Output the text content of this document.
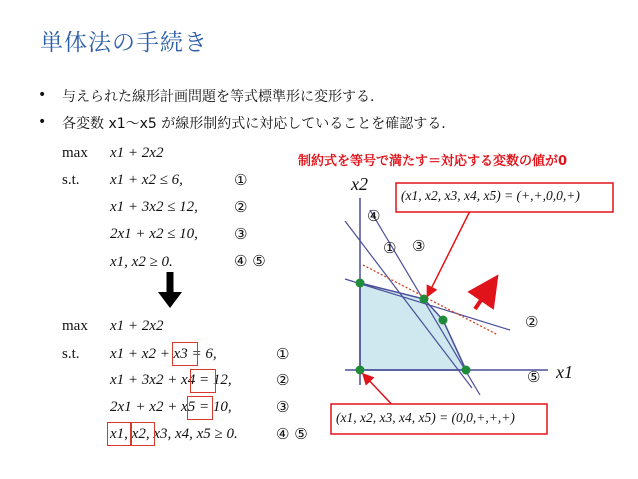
単体法の手続き
• 与えられた線形計画問題を等式標準形に変形する.
• 各変数 x1〜x5 が線形制約式に対応していることを確認する.
max x1 + 2x2
s.t. x1 + x2 ≤ 6,	①
x1 + 3x2 ≤ 12, ②
2x1 + x2 ≤ 10, ③
x1, x2 ≥ 0.	④ ⑤
max x1 + 2x2
s.t. x1 + x2 + x3 = 6,	①
x1 + 3x2 + x4 = 12,	②
2x1 + x2 + x5 = 10,	③
x1, x2, x3, x4, x5 ≥ 0.	④ ⑤
制約式を等号で満たす＝対応する変数の値が0
x2
x1
①
②
③
④
⑤
(x1, x2, x3, x4, x5) = (+,+,0,0,+)
(x1, x2, x3, x4, x5) = (0,0,+,+,+)
